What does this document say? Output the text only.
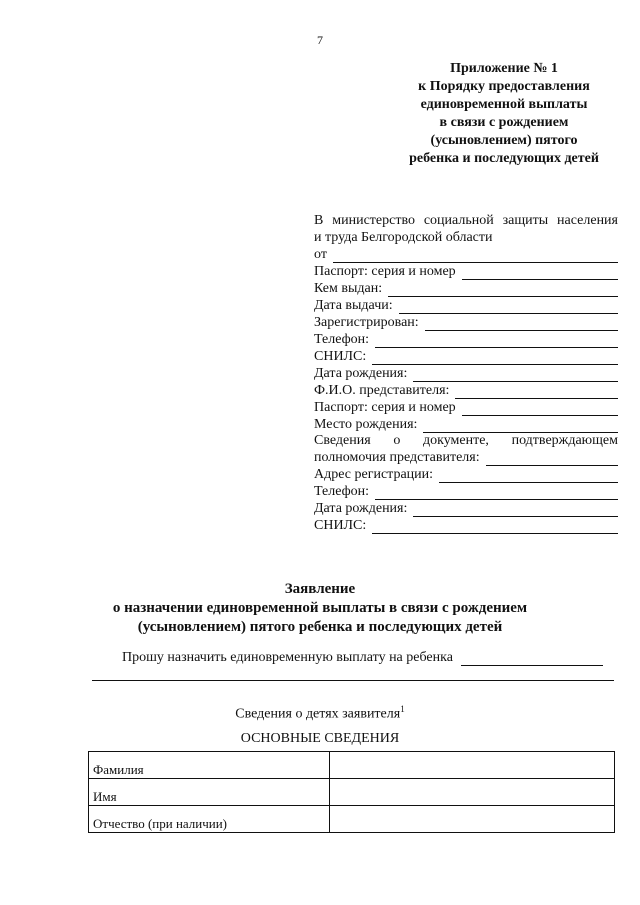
7
Приложение № 1
к Порядку предоставления
единовременной выплаты
в связи с рождением
(усыновлением) пятого
ребенка и последующих детей
В министерство социальной защиты населения
и труда Белгородской области
от
Паспорт: серия и номер
Кем выдан:
Дата выдачи:
Зарегистрирован:
Телефон:
СНИЛС:
Дата рождения:
Ф.И.О. представителя:
Паспорт: серия и номер
Место рождения:
Сведения о документе, подтверждающем
полномочия представителя:
Адрес регистрации:
Телефон:
Дата рождения:
СНИЛС:
Заявление
о назначении единовременной выплаты в связи с рождением
(усыновлением) пятого ребенка и последующих детей
Прошу назначить единовременную выплату на ребенка
Сведения о детях заявителя$^1$
ОСНОВНЫЕ СВЕДЕНИЯ
Фамилия	
Имя	
Отчество (при наличии)	
